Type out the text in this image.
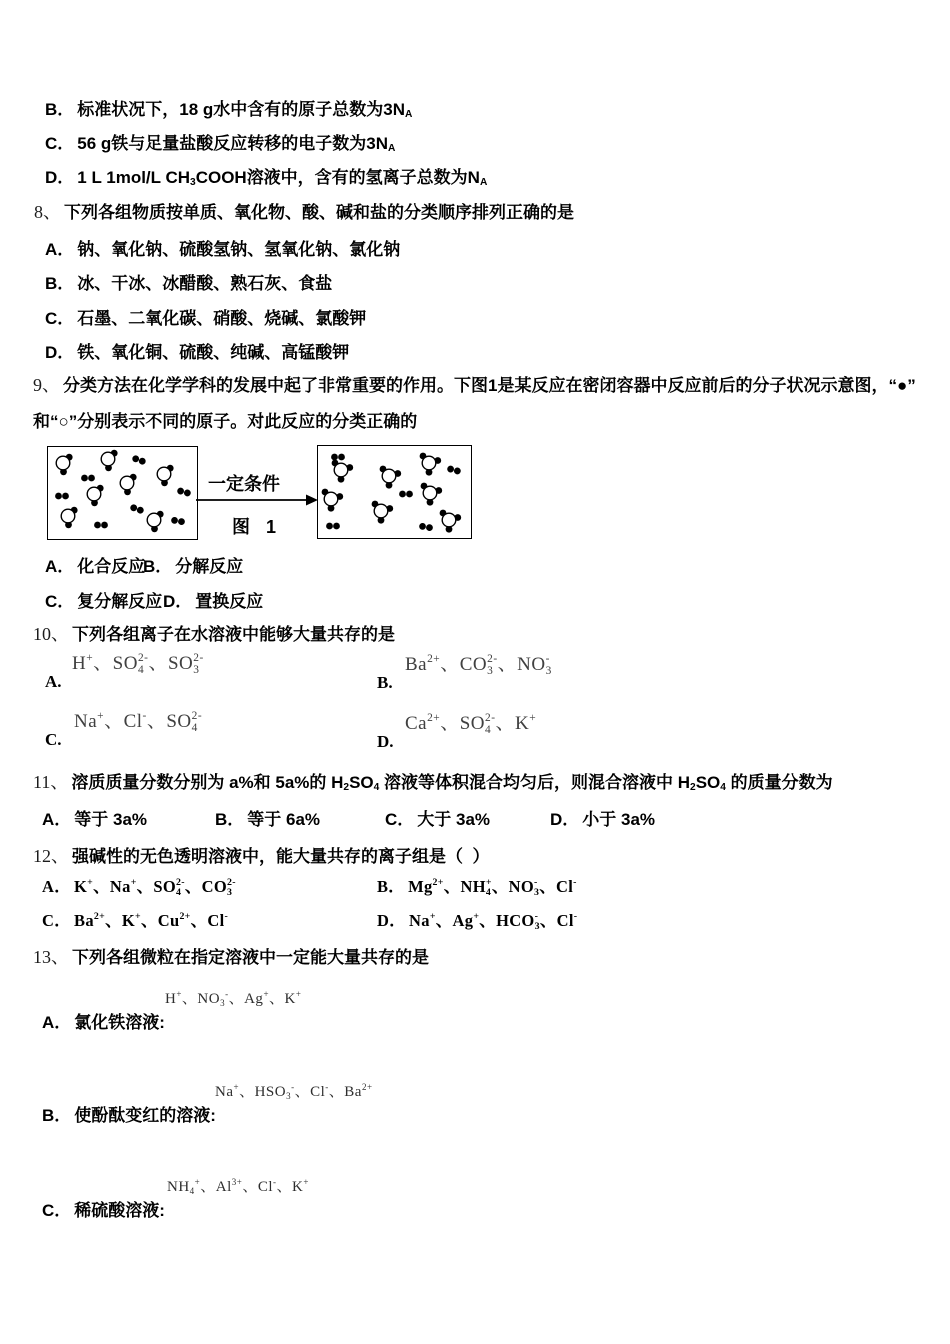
B． 标准状况下，18 g水中含有的原子总数为3N A
C． 56 g铁与足量盐酸反应转移的电子数为3N A
D． 1 L 1mol/L CH 3 COOH溶液中，含有的氢离子总数为N A
8、 下列各组物质按单质、氧化物、酸、碱和盐的分类顺序排列正确的是
A． 钠、氧化钠、硫酸氢钠、氢氧化钠、氯化钠
B． 冰、干冰、冰醋酸、熟石灰、食盐
C． 石墨、二氧化碳、硝酸、烧碱、氯酸钾
D． 铁、氧化铜、硫酸、纯碱、高锰酸钾
9、 分类方法在化学学科的发展中起了非常重要的作用。下图1是某反应在密闭容器中反应前后的分子状况示意图，“●”
和“○”分别表示不同的原子。对此反应的分类正确的
一定条件
图  1
A． 化合反应
B． 分解反应
C． 复分解反应 D． 置换反应
10、 下列各组离子在水溶液中能够大量共存的是
A.
H + 、SO 2-
4 、SO 2-
3
B.
Ba 2+ 、CO 2-
3 、NO -
3
C.
Na + 、Cl - 、SO 2-
4
D.
Ca 2+ 、SO 2-
4 、K +
11、 溶质质量分数分别为 a%和 5a%的 H 2 SO 4 溶液等体积混合均匀后，则混合溶液中 H 2 SO 4 的质量分数为
A． 等于 3a%	B． 等于 6a%	C． 大于 3a%	D． 小于 3a%
12、 强碱性的无色透明溶液中，能大量共存的离子组是（  ）
A． K + 、Na + 、SO 2-
4 、CO 2-
3	B． Mg 2+ 、NH +
4 、NO -
3 、Cl -
C． Ba 2+ 、K + 、Cu 2+ 、Cl -	D． Na + 、Ag + 、HCO -
3 、Cl -
13、 下列各组微粒在指定溶液中一定能大量共存的是
H + 、NO 3
- 、Ag + 、K +
A． 氯化铁溶液:
Na + 、HSO 3
- 、Cl - 、Ba 2+
B． 使酚酞变红的溶液:
NH 4
+ 、Al 3+ 、Cl - 、K +
C． 稀硫酸溶液:
